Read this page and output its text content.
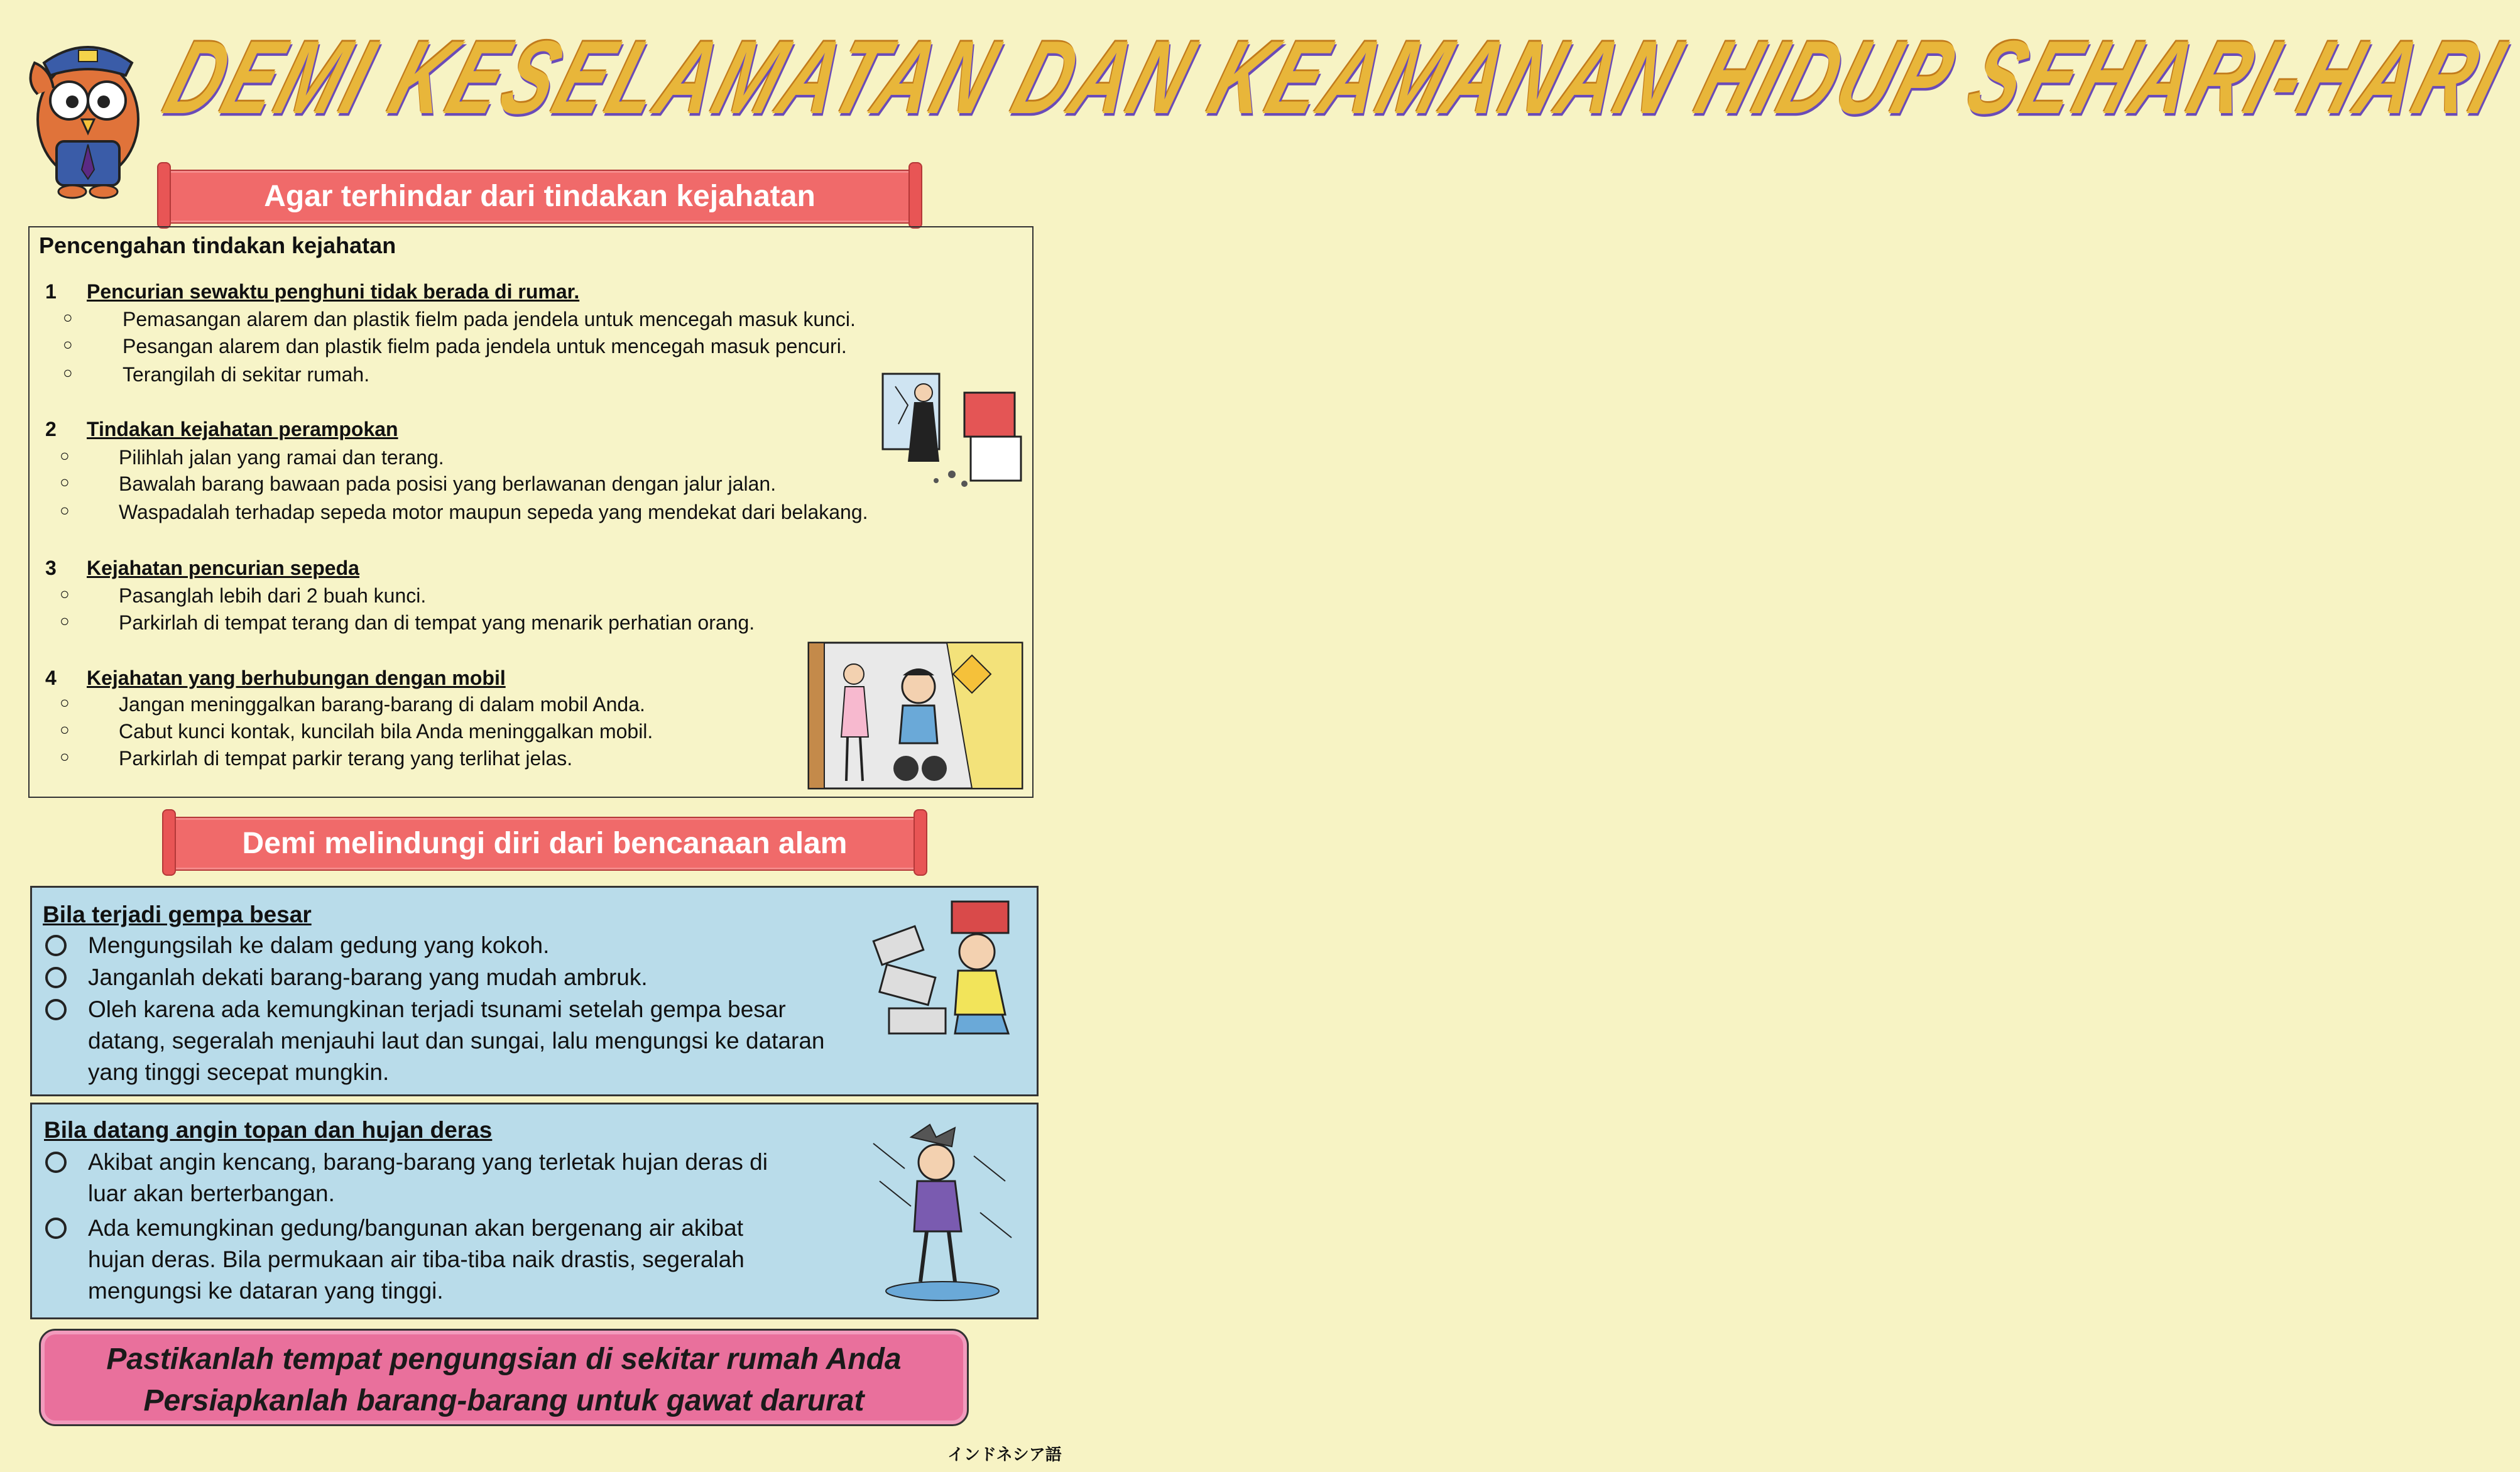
DEMI KESELAMATAN DAN KEAMANAN HIDUP SEHARI-HARI
Agar terhindar dari tindakan kejahatan
Pencengahan tindakan kejahatan
1 Pencurian sewaktu penghuni tidak berada di rumar.
○ Pemasangan alarem dan plastik fielm pada jendela untuk mencegah masuk kunci.
○ Pesangan alarem dan plastik fielm pada jendela untuk mencegah masuk pencuri.
○ Terangilah di sekitar rumah.
2 Tindakan kejahatan perampokan
○ Pilihlah jalan yang ramai dan terang.
○ Bawalah barang bawaan pada posisi yang berlawanan dengan jalur jalan.
○ Waspadalah terhadap sepeda motor maupun sepeda yang mendekat dari belakang.
3 Kejahatan pencurian sepeda
○ Pasanglah lebih dari 2 buah kunci.
○ Parkirlah di tempat terang dan di tempat yang menarik perhatian orang.
4 Kejahatan yang berhubungan dengan mobil
○ Jangan meninggalkan barang-barang di dalam mobil Anda.
○ Cabut kunci kontak, kuncilah bila Anda meninggalkan mobil.
○ Parkirlah di tempat parkir terang yang terlihat jelas.
Demi melindungi diri dari bencanaan alam
Bila terjadi gempa besar
Mengungsilah ke dalam gedung yang kokoh.
Janganlah dekati barang-barang yang mudah ambruk.
Oleh karena ada kemungkinan terjadi tsunami setelah gempa besar datang, segeralah menjauhi laut dan sungai, lalu mengungsi ke dataran yang tinggi secepat mungkin.
Bila datang angin topan dan hujan deras
Akibat angin kencang, barang-barang yang terletak hujan deras di luar akan berterbangan.
Ada kemungkinan gedung/bangunan akan bergenang air akibat hujan deras. Bila permukaan air tiba-tiba naik drastis, segeralah mengungsi ke dataran yang tinggi.
Pastikanlah tempat pengungsian di sekitar rumah Anda
Persiapkanlah barang-barang untuk gawat darurat
インドネシア語
